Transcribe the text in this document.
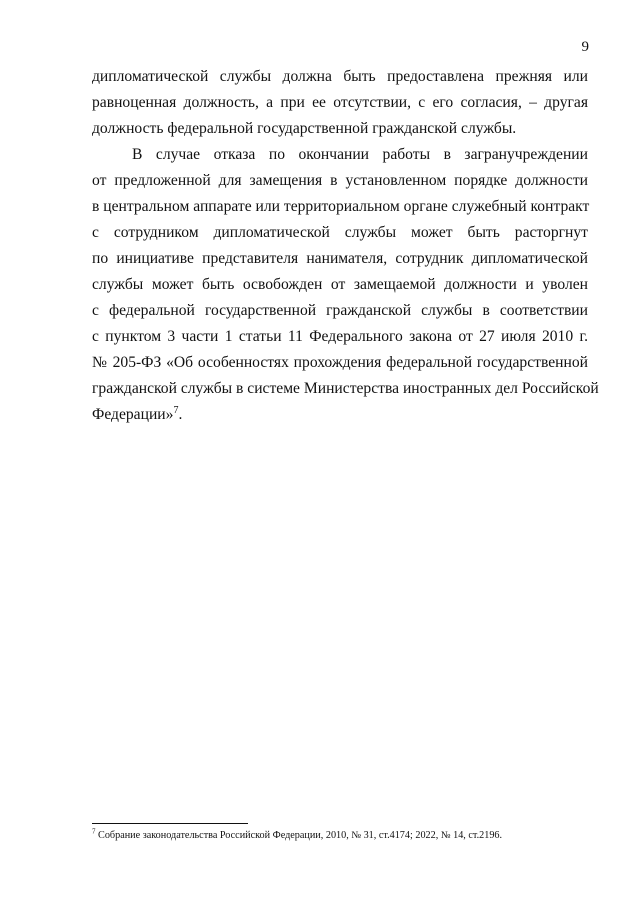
9
дипломатической службы должна быть предоставлена прежняя или
равноценная должность, а при ее отсутствии, с его согласия, – другая
должность федеральной государственной гражданской службы.
В случае отказа по окончании работы в загранучреждении
от предложенной для замещения в установленном порядке должности
в центральном аппарате или территориальном органе служебный контракт
с сотрудником дипломатической службы может быть расторгнут
по инициативе представителя нанимателя, сотрудник дипломатической
службы может быть освобожден от замещаемой должности и уволен
с федеральной государственной гражданской службы в соответствии
с пунктом 3 части 1 статьи 11 Федерального закона от 27 июля 2010 г.
№ 205-ФЗ «Об особенностях прохождения федеральной государственной
гражданской службы в системе Министерства иностранных дел Российской
Федерации»$^7$.
$^7$ Собрание законодательства Российской Федерации, 2010, № 31, ст.4174; 2022, № 14, ст.2196.
